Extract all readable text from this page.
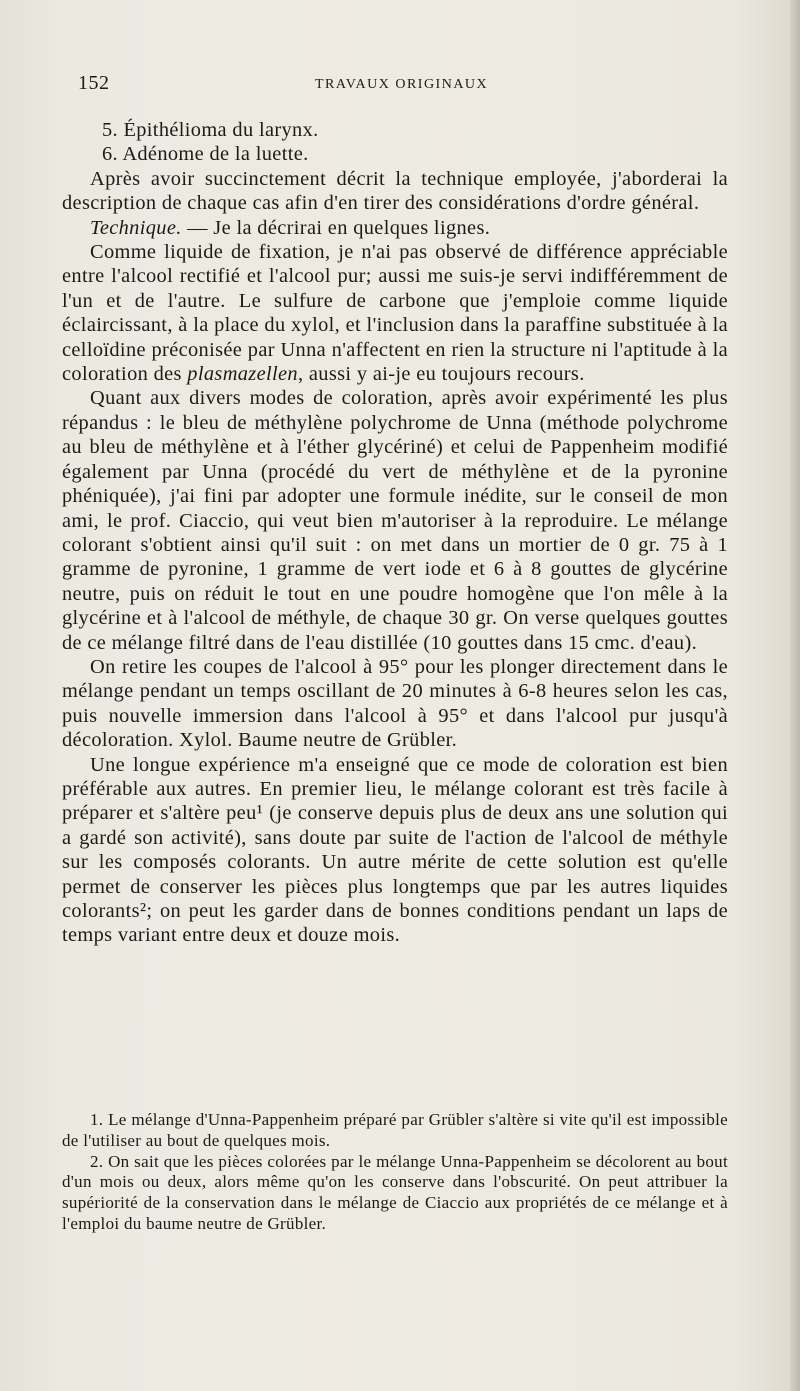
152	TRAVAUX ORIGINAUX

5. Épithélioma du larynx.

6. Adénome de la luette.

Après avoir succinctement décrit la technique employée, j'aborderai la description de chaque cas afin d'en tirer des considérations d'ordre général.

Technique. — Je la décrirai en quelques lignes.

Comme liquide de fixation, je n'ai pas observé de différence appréciable entre l'alcool rectifié et l'alcool pur; aussi me suis-je servi indifféremment de l'un et de l'autre. Le sulfure de carbone que j'emploie comme liquide éclaircissant, à la place du xylol, et l'inclusion dans la paraffine substituée à la celloïdine préconisée par Unna n'affectent en rien la structure ni l'aptitude à la coloration des plasmazellen, aussi y ai-je eu toujours recours.

Quant aux divers modes de coloration, après avoir expérimenté les plus répandus : le bleu de méthylène polychrome de Unna (méthode polychrome au bleu de méthylène et à l'éther glycériné) et celui de Pappenheim modifié également par Unna (procédé du vert de méthylène et de la pyronine phéniquée), j'ai fini par adopter une formule inédite, sur le conseil de mon ami, le prof. Ciaccio, qui veut bien m'autoriser à la reproduire. Le mélange colorant s'obtient ainsi qu'il suit : on met dans un mortier de 0 gr. 75 à 1 gramme de pyronine, 1 gramme de vert iode et 6 à 8 gouttes de glycérine neutre, puis on réduit le tout en une poudre homogène que l'on mêle à la glycérine et à l'alcool de méthyle, de chaque 30 gr. On verse quelques gouttes de ce mélange filtré dans de l'eau distillée (10 gouttes dans 15 cmc. d'eau).

On retire les coupes de l'alcool à 95° pour les plonger directement dans le mélange pendant un temps oscillant de 20 minutes à 6-8 heures selon les cas, puis nouvelle immersion dans l'alcool à 95° et dans l'alcool pur jusqu'à décoloration. Xylol. Baume neutre de Grübler.

Une longue expérience m'a enseigné que ce mode de coloration est bien préférable aux autres. En premier lieu, le mélange colorant est très facile à préparer et s'altère peu¹ (je conserve depuis plus de deux ans une solution qui a gardé son activité), sans doute par suite de l'action de l'alcool de méthyle sur les composés colorants. Un autre mérite de cette solution est qu'elle permet de conserver les pièces plus longtemps que par les autres liquides colorants²; on peut les garder dans de bonnes conditions pendant un laps de temps variant entre deux et douze mois.

1. Le mélange d'Unna-Pappenheim préparé par Grübler s'altère si vite qu'il est impossible de l'utiliser au bout de quelques mois.

2. On sait que les pièces colorées par le mélange Unna-Pappenheim se décolorent au bout d'un mois ou deux, alors même qu'on les conserve dans l'obscurité. On peut attribuer la supériorité de la conservation dans le mélange de Ciaccio aux propriétés de ce mélange et à l'emploi du baume neutre de Grübler.
